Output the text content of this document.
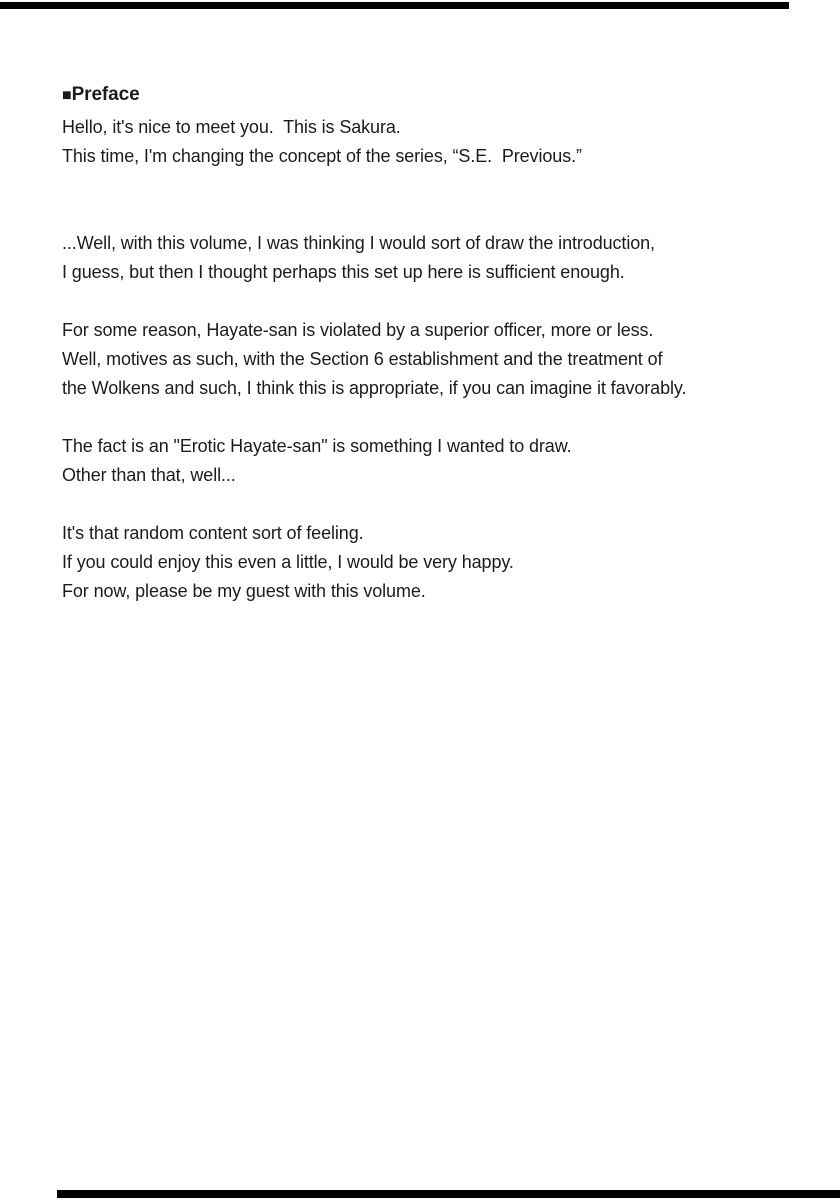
■Preface
Hello, it's nice to meet you.  This is Sakura.
This time, I'm changing the concept of the series, “S.E.  Previous.”
...Well, with this volume, I was thinking I would sort of draw the introduction,
I guess, but then I thought perhaps this set up here is sufficient enough.
For some reason, Hayate-san is violated by a superior officer, more or less.
Well, motives as such, with the Section 6 establishment and the treatment of
the Wolkens and such, I think this is appropriate, if you can imagine it favorably.
The fact is an "Erotic Hayate-san" is something I wanted to draw.
Other than that, well...
It's that random content sort of feeling.
If you could enjoy this even a little, I would be very happy.
For now, please be my guest with this volume.
